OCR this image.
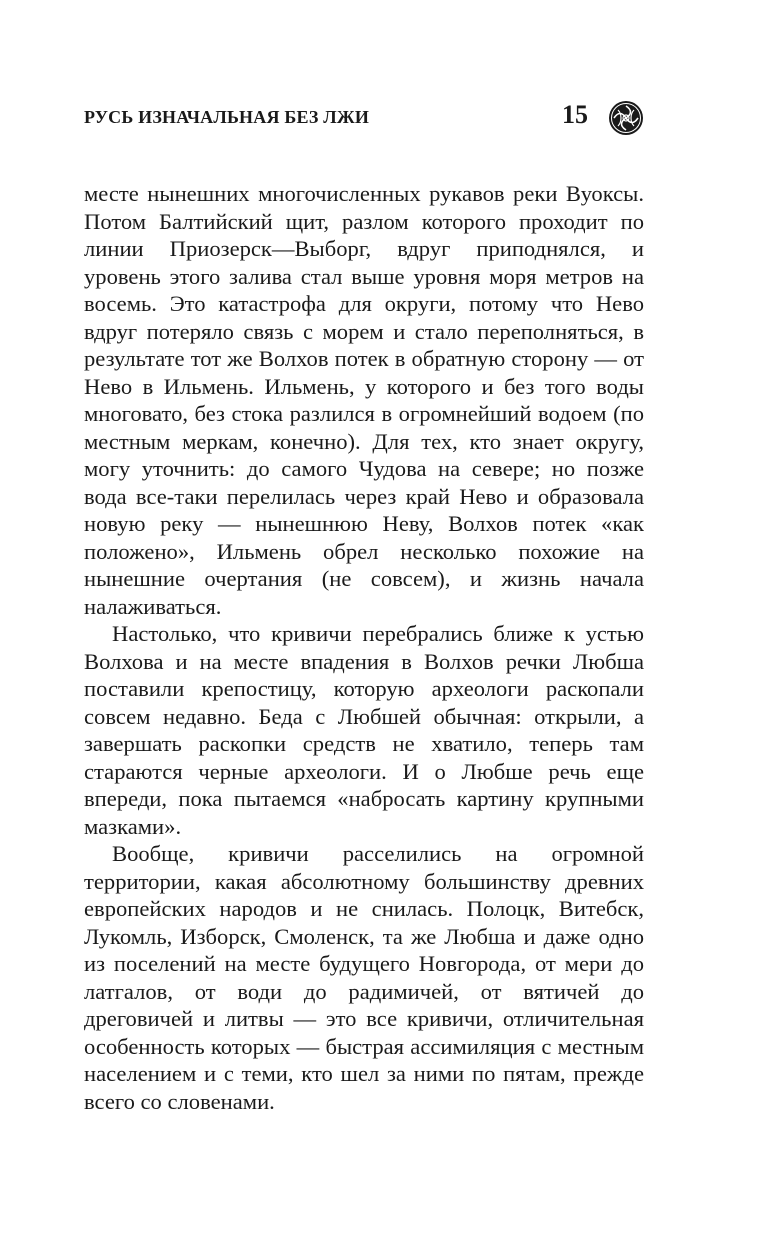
РУСЬ ИЗНАЧАЛЬНАЯ БЕЗ ЛЖИ	15

месте нынешних многочисленных рукавов реки Вуоксы. Потом Балтийский щит, разлом которого проходит по линии Приозерск—Выборг, вдруг приподнялся, и уровень этого залива стал выше уровня моря метров на восемь. Это катастрофа для округи, потому что Нево вдруг потеряло связь с морем и стало переполняться, в результате тот же Волхов потек в обратную сторону — от Нево в Ильмень. Ильмень, у которого и без того воды многовато, без стока разлился в огромнейший водоем (по местным меркам, конечно). Для тех, кто знает округу, могу уточнить: до самого Чудова на севере; но позже вода все-таки перелилась через край Нево и образовала новую реку — нынешнюю Неву, Волхов потек «как положено», Ильмень обрел несколько похожие на нынешние очертания (не совсем), и жизнь начала налаживаться.

Настолько, что кривичи перебрались ближе к устью Волхова и на месте впадения в Волхов речки Любша поставили крепостицу, которую археологи раскопали совсем недавно. Беда с Любшей обычная: открыли, а завершать раскопки средств не хватило, теперь там стараются черные археологи. И о Любше речь еще впереди, пока пытаемся «набросать картину крупными мазками».

Вообще, кривичи расселились на огромной территории, какая абсолютному большинству древних европейских народов и не снилась. Полоцк, Витебск, Лукомль, Изборск, Смоленск, та же Любша и даже одно из поселений на месте будущего Новгорода, от мери до латгалов, от води до радимичей, от вятичей до дреговичей и литвы — это все кривичи, отличительная особенность которых — быстрая ассимиляция с местным населением и с теми, кто шел за ними по пятам, прежде всего со словенами.
